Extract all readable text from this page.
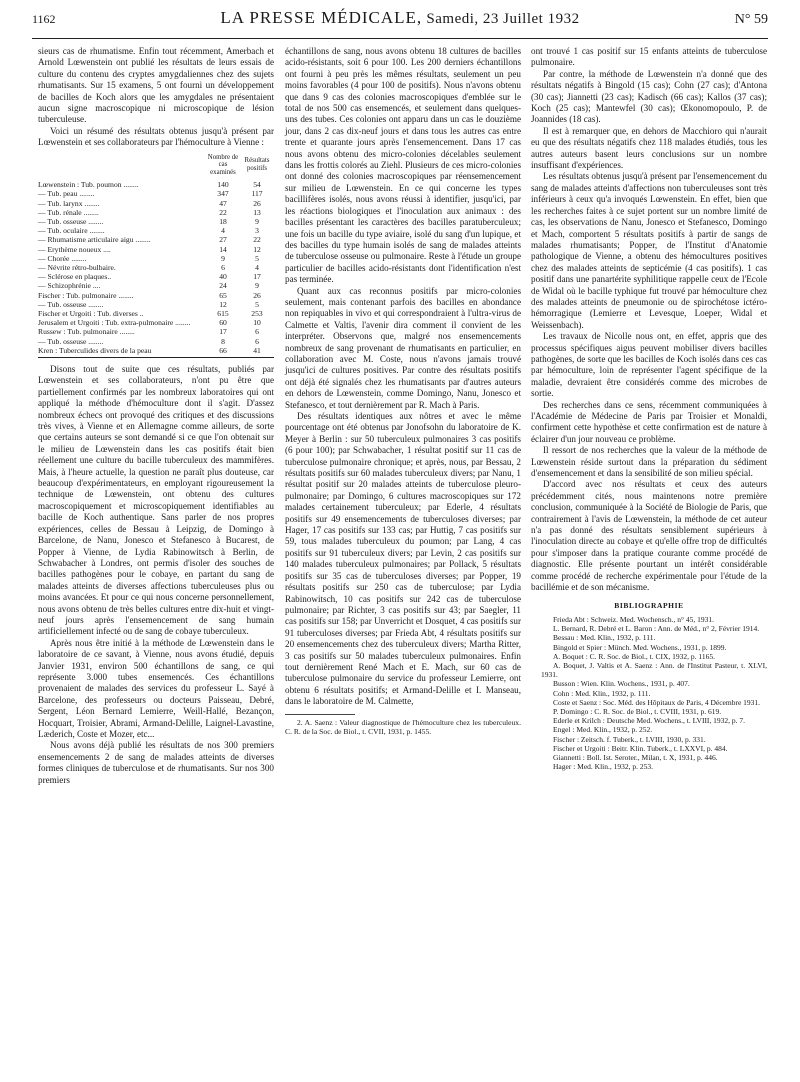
1162	LA PRESSE MÉDICALE, Samedi, 23 Juillet 1932	N° 59

sieurs cas de rhumatisme. Enfin tout récemment, Amerbach et Arnold Lœwenstein ont publié les résultats de leurs essais de culture du contenu des cryptes amygdaliennes chez des sujets rhumatisants. Sur 15 examens, 5 ont fourni un développement de bacilles de Koch alors que les amygdales ne présentaient aucun signe macroscopique ni microscopique de lésion tuberculeuse.

Voici un résumé des résultats obtenus jusqu'à présent par Lœwenstein et ses collaborateurs par l'hémoculture à Vienne :

	Nombre de cas examinés	Résultats positifs
Lœwenstein : Tub. poumon ........	140	54
— Tub. peau ........	347	117
— Tub. larynx ........	47	26
— Tub. rénale ........	22	13
— Tub. osseuse ........	18	9
— Tub. oculaire ........	4	3
— Rhumatisme articulaire aigu ........	27	22
— Erythème noueux ....	14	12
— Chorée ........	9	5
— Névrite rétro-bulbaire.	6	4
— Sclérose en plaques..	40	17
— Schizophrénie ....	24	9
Fischer : Tub. pulmonaire ........	65	26
— Tub. osseuse ........	12	5
Fischer et Urgoiti : Tub. diverses ..	615	253
Jerusalem et Urgoiti : Tub. extra-pulmonaire ........	60	10
Russew : Tub. pulmonaire ........	17	6
— Tub. osseuse ........	8	6
Kren : Tuberculides divers de la peau	66	41

Disons tout de suite que ces résultats, publiés par Lœwenstein et ses collaborateurs, n'ont pu être que partiellement confirmés par les nombreux laboratoires qui ont appliqué la méthode d'hémoculture dont il s'agit. D'assez nombreux échecs ont provoqué des critiques et des discussions très vives, à Vienne et en Allemagne comme ailleurs, de sorte que certains auteurs se sont demandé si ce que l'on obtenait sur le milieu de Lœwenstein dans les cas positifs était bien réellement une culture du bacille tuberculeux des mammifères. Mais, à l'heure actuelle, la question ne paraît plus douteuse, car beaucoup d'expérimentateurs, en employant rigoureusement la technique de Lœwenstein, ont obtenu des cultures macroscopiquement et microscopiquement identifiables au bacille de Koch authentique. Sans parler de nos propres expériences, celles de Bessau à Leipzig, de Domingo à Barcelone, de Nanu, Jonesco et Stefanesco à Bucarest, de Popper à Vienne, de Lydia Rabinowitsch à Berlin, de Schwabacher à Londres, ont permis d'isoler des souches de bacilles pathogènes pour le cobaye, en partant du sang de malades atteints de diverses affections tuberculeuses plus ou moins avancées. Et pour ce qui nous concerne personnellement, nous avons obtenu de très belles cultures entre dix-huit et vingt-neuf jours après l'ensemencement de sang humain artificiellement infecté ou de sang de cobaye tuberculeux.

Après nous être initié à la méthode de Lœwenstein dans le laboratoire de ce savant, à Vienne, nous avons étudié, depuis Janvier 1931, environ 500 échantillons de sang, ce qui représente 3.000 tubes ensemencés. Ces échantillons provenaient de malades des services du professeur L. Sayé à Barcelone, des professeurs ou docteurs Paisseau, Debré, Sergent, Léon Bernard Lemierre, Weill-Hallé, Bezançon, Hocquart, Troisier, Abrami, Armand-Delille, Laignel-Lavastine, Læderich, Coste et Mozer, etc...

Nous avons déjà publié les résultats de nos 300 premiers ensemencements 2 de sang de malades atteints de diverses formes cliniques de tuberculose et de rhumatisants. Sur nos 300 premiers

échantillons de sang, nous avons obtenu 18 cultures de bacilles acido-résistants, soit 6 pour 100. Les 200 derniers échantillons ont fourni à peu près les mêmes résultats, seulement un peu moins favorables (4 pour 100 de positifs). Nous n'avons obtenu que dans 9 cas des colonies macroscopiques d'emblée sur le total de nos 500 cas ensemencés, et seulement dans quelques-uns des tubes. Ces colonies ont apparu dans un cas le douzième jour, dans 2 cas dix-neuf jours et dans tous les autres cas entre trente et quarante jours après l'ensemencement. Dans 17 cas nous avons obtenu des micro-colonies décelables seulement dans les frottis colorés au Ziehl. Plusieurs de ces micro-colonies ont donné des colonies macroscopiques par réensemencement sur milieu de Lœwenstein. En ce qui concerne les types bacillifères isolés, nous avons réussi à identifier, jusqu'ici, par les réactions biologiques et l'inoculation aux animaux : des bacilles présentant les caractères des bacilles paratuberculeux; une fois un bacille du type aviaire, isolé du sang d'un lupique, et des bacilles du type humain isolés de sang de malades atteints de tuberculose osseuse ou pulmonaire. Reste à l'étude un groupe particulier de bacilles acido-résistants dont l'identification n'est pas terminée.

Quant aux cas reconnus positifs par micro-colonies seulement, mais contenant parfois des bacilles en abondance non repiquables in vivo et qui correspondraient à l'ultra-virus de Calmette et Valtis, l'avenir dira comment il convient de les interpréter. Observons que, malgré nos ensemencements nombreux de sang provenant de rhumatisants en particulier, en collaboration avec M. Coste, nous n'avons jamais trouvé jusqu'ici de cultures positives. Par contre des résultats positifs ont déjà été signalés chez les rhumatisants par d'autres auteurs en dehors de Lœwenstein, comme Domingo, Nanu, Jonesco et Stefanesco, et tout dernièrement par R. Mach à Paris.

Des résultats identiques aux nôtres et avec le même pourcentage ont été obtenus par Jonofsohn du laboratoire de K. Meyer à Berlin : sur 50 tuberculeux pulmonaires 3 cas positifs (6 pour 100); par Schwabacher, 1 résultat positif sur 11 cas de tuberculose pulmonaire chronique; et après, nous, par Bessau, 2 résultats positifs sur 60 malades tuberculeux divers; par Nanu, 1 résultat positif sur 20 malades atteints de tuberculose pleuro-pulmonaire; par Domingo, 6 cultures macroscopiques sur 172 malades certainement tuberculeux; par Ederle, 4 résultats positifs sur 49 ensemencements de tuberculoses diverses; par Hager, 17 cas positifs sur 133 cas; par Huttig, 7 cas positifs sur 59, tous malades tuberculeux du poumon; par Lang, 4 cas positifs sur 91 tuberculeux divers; par Levin, 2 cas positifs sur 140 malades tuberculeux pulmonaires; par Pollack, 5 résultats positifs sur 35 cas de tuberculoses diverses; par Popper, 19 résultats positifs sur 250 cas de tuberculose; par Lydia Rabinowitsch, 10 cas positifs sur 242 cas de tuberculose pulmonaire; par Richter, 3 cas positifs sur 43; par Saegler, 11 cas positifs sur 158; par Unverricht et Dosquet, 4 cas positifs sur 91 tuberculoses diverses; par Frieda Abt, 4 résultats positifs sur 20 ensemencements chez des tuberculeux divers; Martha Ritter, 3 cas positifs sur 50 malades tuberculeux pulmonaires. Enfin tout dernièrement René Mach et E. Mach, sur 60 cas de tuberculose pulmonaire du service du professeur Lemierre, ont obtenu 6 résultats positifs; et Armand-Delille et I. Manseau, dans le laboratoire de M. Calmette,

2. A. Saenz : Valeur diagnostique de l'hémoculture chez les tuberculeux. C. R. de la Soc. de Biol., t. CVII, 1931, p. 1455.

ont trouvé 1 cas positif sur 15 enfants atteints de tuberculose pulmonaire.

Par contre, la méthode de Lœwenstein n'a donné que des résultats négatifs à Bingold (15 cas); Cohn (27 cas); d'Antona (30 cas); Jiannetti (23 cas); Kadisch (66 cas); Kallos (37 cas); Koch (25 cas); Mantewfel (30 cas); Œkonomopoulo, P. de Joannides (18 cas).

Il est à remarquer que, en dehors de Macchioro qui n'aurait eu que des résultats négatifs chez 118 malades étudiés, tous les autres auteurs basent leurs conclusions sur un nombre insuffisant d'expériences.

Les résultats obtenus jusqu'à présent par l'ensemencement du sang de malades atteints d'affections non tuberculeuses sont très inférieurs à ceux qu'a invoqués Lœwenstein. En effet, bien que les recherches faites à ce sujet portent sur un nombre limité de cas, les observations de Nanu, Jonesco et Stefanesco, Domingo et Mach, comportent 5 résultats positifs à partir de sangs de malades rhumatisants; Popper, de l'Institut d'Anatomie pathologique de Vienne, a obtenu des hémocultures positives chez des malades atteints de septicémie (4 cas positifs). 1 cas positif dans une panartérite syphilitique rappelle ceux de l'Ecole de Widal où le bacille typhique fut trouvé par hémoculture chez des malades atteints de pneumonie ou de spirochétose ictéro-hémorragique (Lemierre et Levesque, Loeper, Widal et Weissenbach).

Les travaux de Nicolle nous ont, en effet, appris que des processus spécifiques aigus peuvent mobiliser divers bacilles pathogènes, de sorte que les bacilles de Koch isolés dans ces cas par hémoculture, loin de représenter l'agent spécifique de la maladie, devraient être considérés comme des microbes de sortie.

Des recherches dans ce sens, récemment communiquées à l'Académie de Médecine de Paris par Troisier et Monaldi, confirment cette hypothèse et cette confirmation est de nature à éclairer d'un jour nouveau ce problème.

Il ressort de nos recherches que la valeur de la méthode de Lœwenstein réside surtout dans la préparation du sédiment d'ensemencement et dans la sensibilité de son milieu spécial.

D'accord avec nos résultats et ceux des auteurs précédemment cités, nous maintenons notre première conclusion, communiquée à la Société de Biologie de Paris, que contrairement à l'avis de Lœwenstein, la méthode de cet auteur n'a pas donné des résultats sensiblement supérieurs à l'inoculation directe au cobaye et qu'elle offre trop de difficultés pour s'imposer dans la pratique courante comme procédé de diagnostic. Elle présente pourtant un intérêt considérable comme procédé de recherche expérimentale pour l'étude de la bacillémie et de son mécanisme.

BIBLIOGRAPHIE

Frieda Abt : Schweiz. Med. Wochensch., n° 45, 1931.

L. Bernard, R. Debré et L. Baron : Ann. de Méd., n° 2, Février 1914.

Bessau : Med. Klin., 1932, p. 111.

Bingold et Spier : Münch. Med. Wochens., 1931, p. 1899.

A. Boquet : C. R. Soc. de Biol., t. CIX, 1932, p. 1165.

A. Boquet, J. Valtis et A. Saenz : Ann. de l'Institut Pasteur, t. XLVI, 1931.

Busson : Wien. Klin. Wochens., 1931, p. 407.

Cohn : Med. Klin., 1932, p. 111.

Coste et Saenz : Soc. Méd. des Hôpitaux de Paris, 4 Décembre 1931.

P. Domingo : C. R. Soc. de Biol., t. CVIII, 1931, p. 619.

Ederle et Krilch : Deutsche Med. Wochens., t. LVIII, 1932, p. 7.

Engel : Med. Klin., 1932, p. 252.

Fischer : Zeitsch. f. Tuberk., t. LVIII, 1930, p. 331.

Fischer et Urgoiti : Beitr. Klin. Tuberk., t. LXXVI, p. 484.

Giannetti : Boll. Ist. Seroter., Milan, t. X, 1931, p. 446.

Hager : Med. Klin., 1932, p. 253.
